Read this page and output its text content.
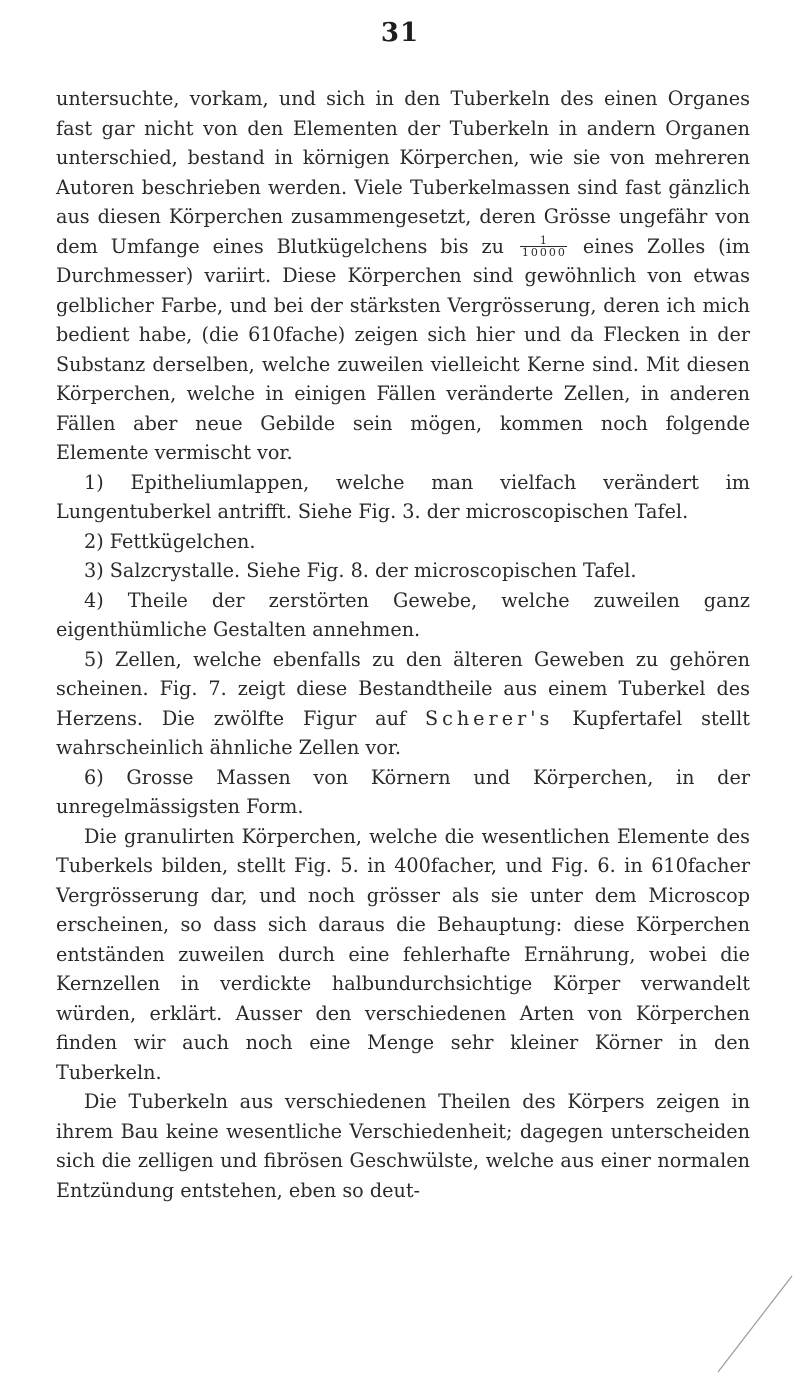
31

untersuchte, vorkam, und sich in den Tuberkeln des einen Organes fast gar nicht von den Elementen der Tuberkeln in andern Organen unterschied, bestand in körnigen Körperchen, wie sie von mehreren Autoren beschrieben werden. Viele Tuberkelmassen sind fast gänzlich aus diesen Körperchen zusammengesetzt, deren Grösse ungefähr von dem Umfange eines Blutkügelchens bis zu $\frac{1}{10000}$ eines Zolles (im Durchmesser) variirt. Diese Körperchen sind gewöhnlich von etwas gelblicher Farbe, und bei der stärksten Vergrösserung, deren ich mich bedient habe, (die 610fache) zeigen sich hier und da Flecken in der Substanz derselben, welche zuweilen vielleicht Kerne sind. Mit diesen Körperchen, welche in einigen Fällen veränderte Zellen, in anderen Fällen aber neue Gebilde sein mögen, kommen noch folgende Elemente vermischt vor.

1) Epitheliumlappen, welche man vielfach verändert im Lungentuberkel antrifft. Siehe Fig. 3. der microscopischen Tafel.

2) Fettkügelchen.

3) Salzcrystalle. Siehe Fig. 8. der microscopischen Tafel.

4) Theile der zerstörten Gewebe, welche zuweilen ganz eigenthümliche Gestalten annehmen.

5) Zellen, welche ebenfalls zu den älteren Geweben zu gehören scheinen. Fig. 7. zeigt diese Bestandtheile aus einem Tuberkel des Herzens. Die zwölfte Figur auf Scherer's Kupfertafel stellt wahrscheinlich ähnliche Zellen vor.

6) Grosse Massen von Körnern und Körperchen, in der unregelmässigsten Form.

Die granulirten Körperchen, welche die wesentlichen Elemente des Tuberkels bilden, stellt Fig. 5. in 400facher, und Fig. 6. in 610facher Vergrösserung dar, und noch grösser als sie unter dem Microscop erscheinen, so dass sich daraus die Behauptung: diese Körperchen entständen zuweilen durch eine fehlerhafte Ernährung, wobei die Kernzellen in verdickte halbundurchsichtige Körper verwandelt würden, erklärt. Ausser den verschiedenen Arten von Körperchen finden wir auch noch eine Menge sehr kleiner Körner in den Tuberkeln.

Die Tuberkeln aus verschiedenen Theilen des Körpers zeigen in ihrem Bau keine wesentliche Verschiedenheit; dagegen unterscheiden sich die zelligen und fibrösen Geschwülste, welche aus einer normalen Entzündung entstehen, eben so deut-
